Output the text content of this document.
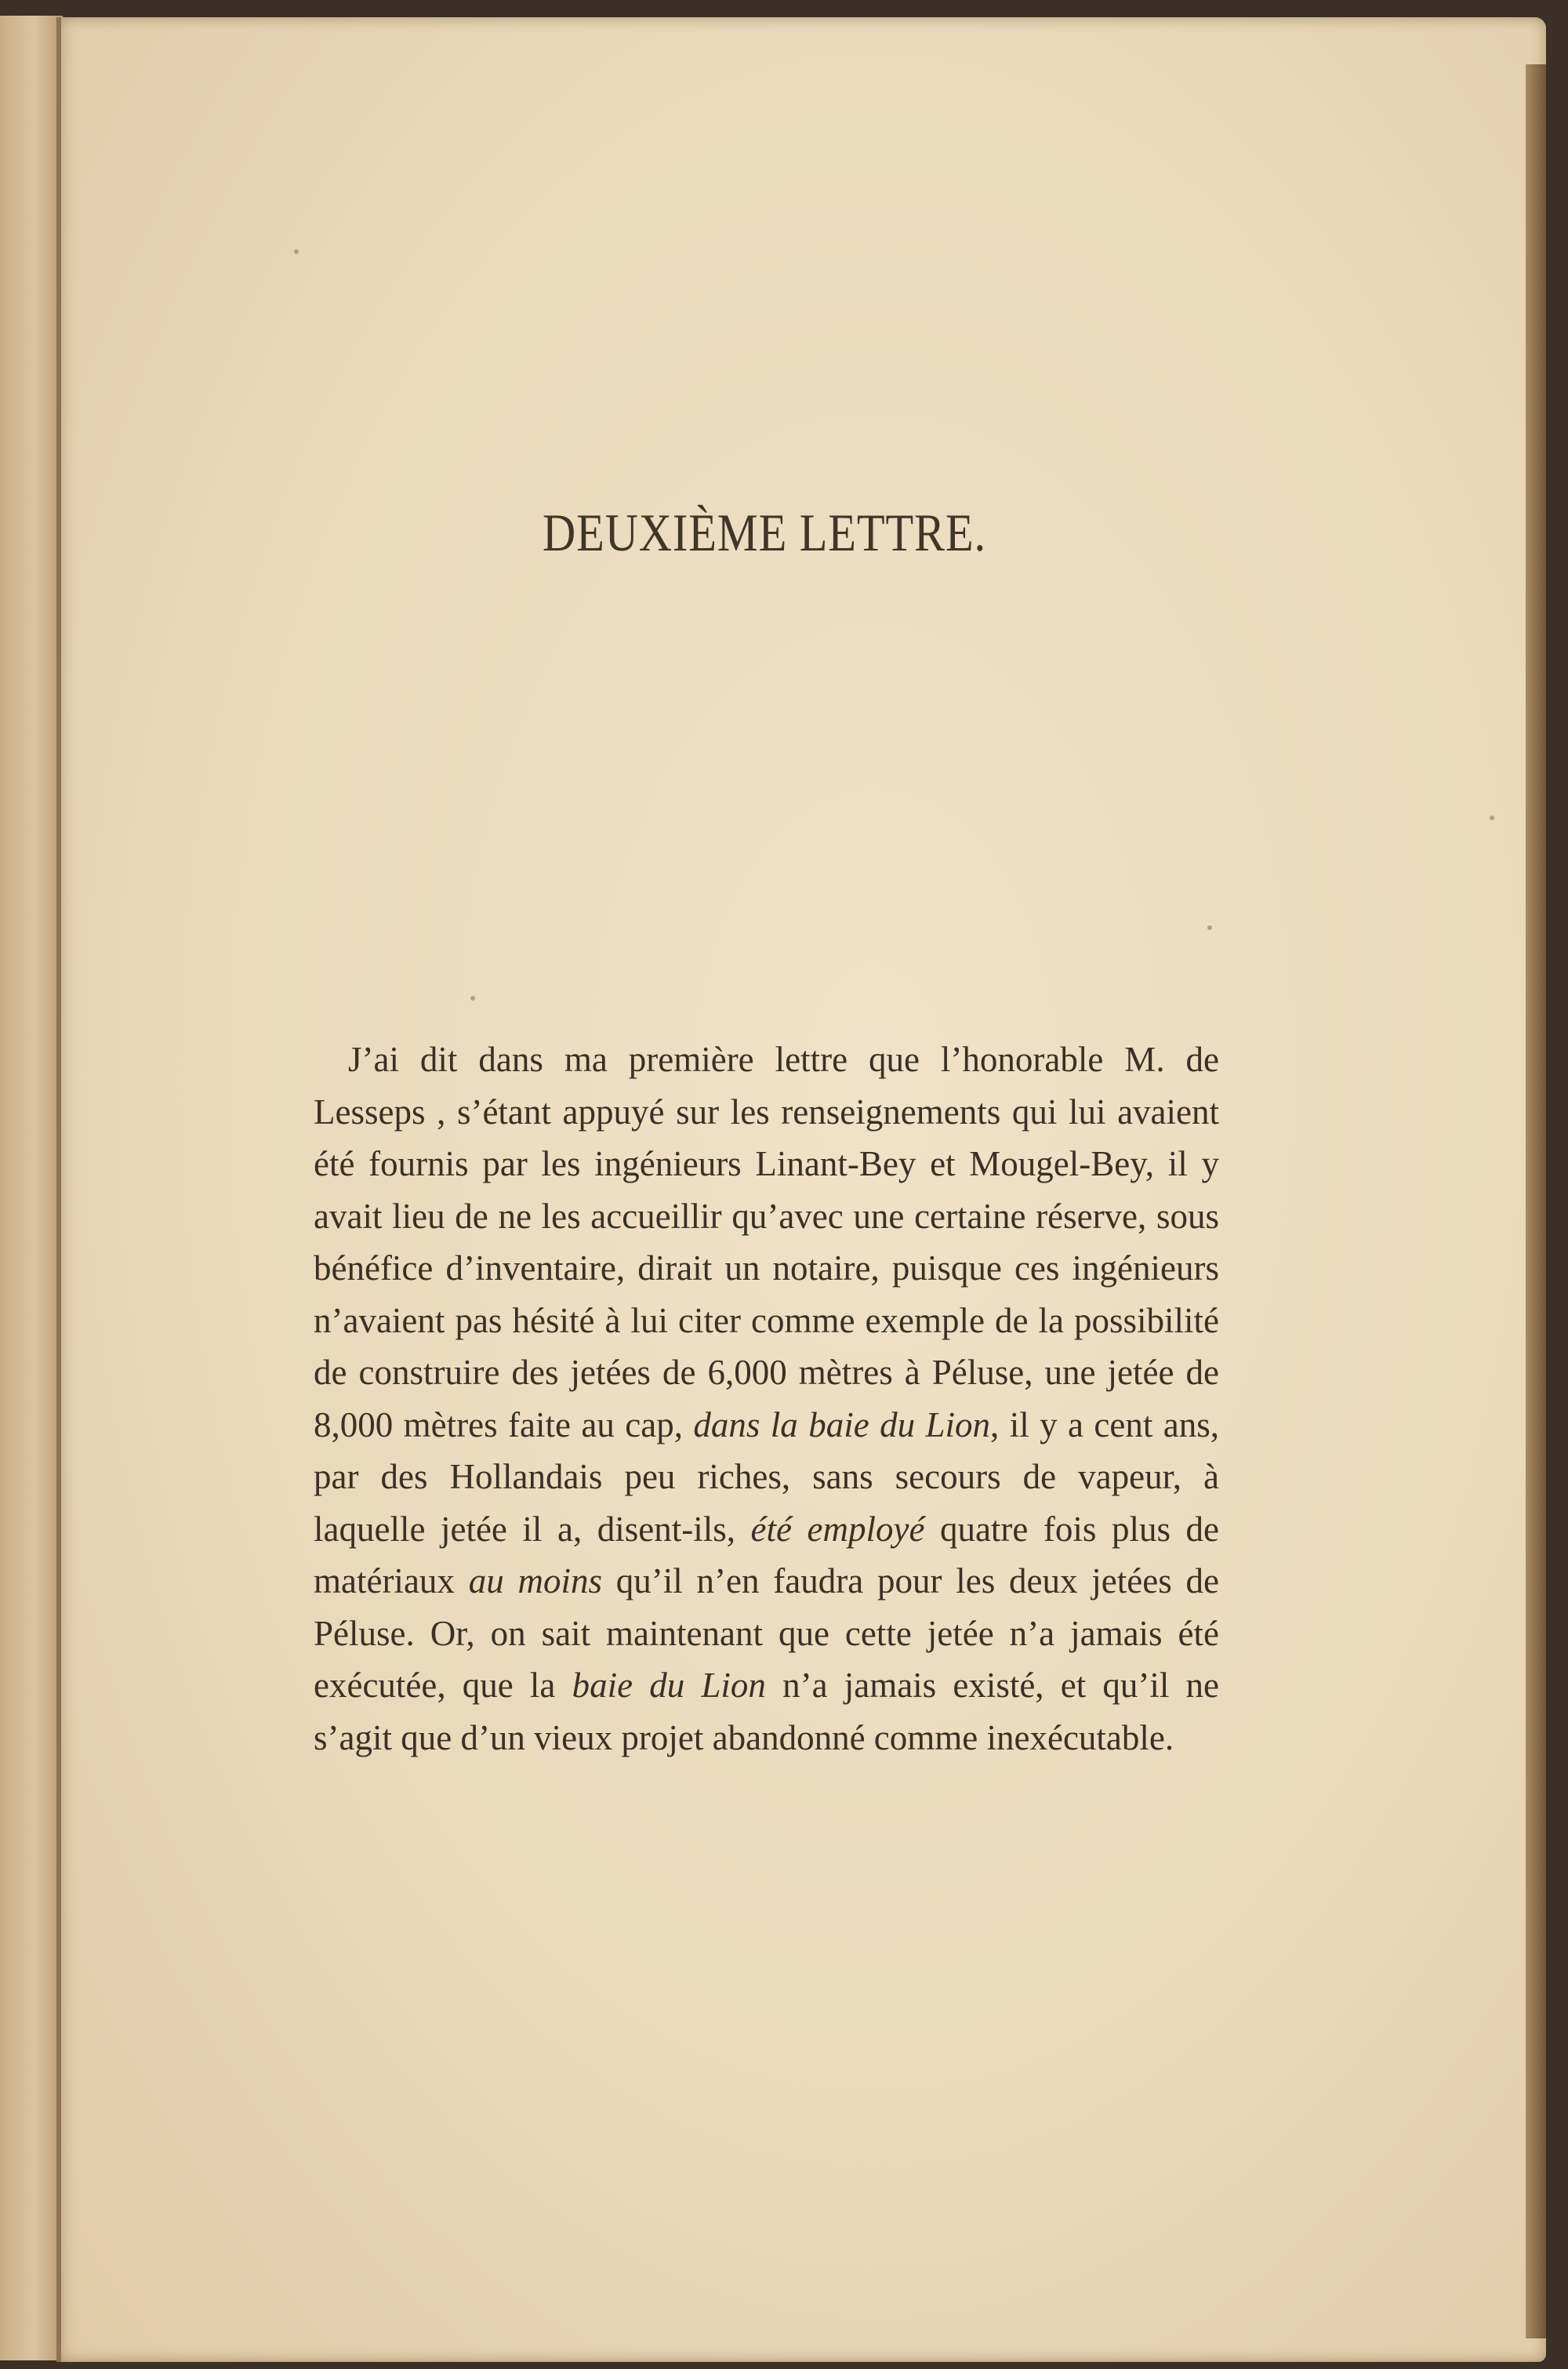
DEUXIÈME LETTRE.

J’ai dit dans ma première lettre que l’honorable M. de Lesseps , s’étant appuyé sur les renseignements qui lui avaient été fournis par les ingénieurs Linant-Bey et Mougel-Bey, il y avait lieu de ne les accueillir qu’avec une certaine réserve, sous bénéfice d’inventaire, dirait un notaire, puisque ces ingénieurs n’avaient pas hésité à lui citer comme exemple de la possibilité de construire des jetées de 6,000 mètres à Péluse, une jetée de 8,000 mètres faite au cap, dans la baie du Lion, il y a cent ans, par des Hollandais peu riches, sans secours de vapeur, à laquelle jetée il a, disent-ils, été employé quatre fois plus de matériaux au moins qu’il n’en faudra pour les deux jetées de Péluse. Or, on sait maintenant que cette jetée n’a jamais été exécutée, que la baie du Lion n’a jamais existé, et qu’il ne s’agit que d’un vieux projet abandonné comme inexécutable.
